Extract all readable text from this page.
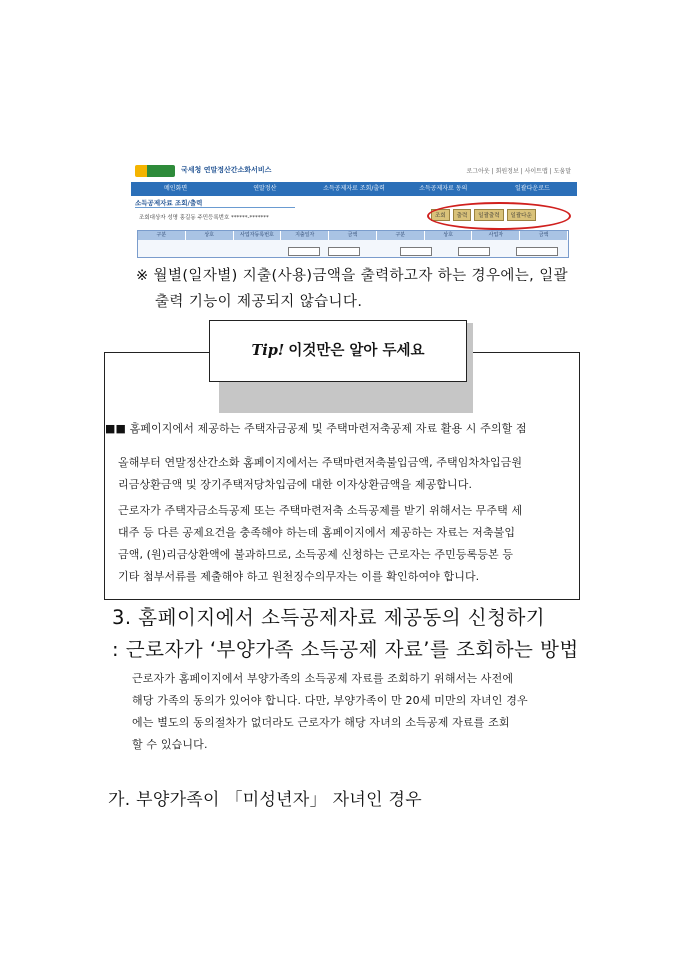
국세청 연말정산간소화서비스	로그아웃 | 회원정보 | 사이트맵 | 도움말
메인화면	연말정산	소득공제자료 조회/출력	소득공제자료 동의	일괄다운로드
소득공제자료 조회/출력
조회대상자 성명 홍길동 주민등록번호 ******-*******	조회	출력	일괄출력	일괄다운
구분	상호	사업자등록번호	지출일자	금액	구분	상호	사업자	금액
※ 월별(일자별) 지출(사용)금액을 출력하고자 하는 경우에는, 일괄
출력 기능이 제공되지 않습니다.
Tip! 이것만은 알아 두세요
■■ 홈페이지에서 제공하는 주택자금공제 및 주택마련저축공제 자료 활용 시 주의할 점
올해부터 연말정산간소화 홈페이지에서는 주택마련저축불입금액, 주택임차차입금원
리금상환금액 및 장기주택저당차입금에 대한 이자상환금액을 제공합니다.
근로자가 주택자금소득공제 또는 주택마련저축 소득공제를 받기 위해서는 무주택 세
대주 등 다른 공제요건을 충족해야 하는데 홈페이지에서 제공하는 자료는 저축불입
금액, (원)리금상환액에 불과하므로, 소득공제 신청하는 근로자는 주민등록등본 등
기타 첨부서류를 제출해야 하고 원천징수의무자는 이를 확인하여야 합니다.
3. 홈페이지에서 소득공제자료 제공동의 신청하기
: 근로자가 ‘부양가족 소득공제 자료’를 조회하는 방법
근로자가 홈페이지에서 부양가족의 소득공제 자료를 조회하기 위해서는 사전에
해당 가족의 동의가 있어야 합니다. 다만, 부양가족이 만 20세 미만의 자녀인 경우
에는 별도의 동의절차가 없더라도 근로자가 해당 자녀의 소득공제 자료를 조회
할 수 있습니다.
가. 부양가족이 「미성년자」 자녀인 경우
